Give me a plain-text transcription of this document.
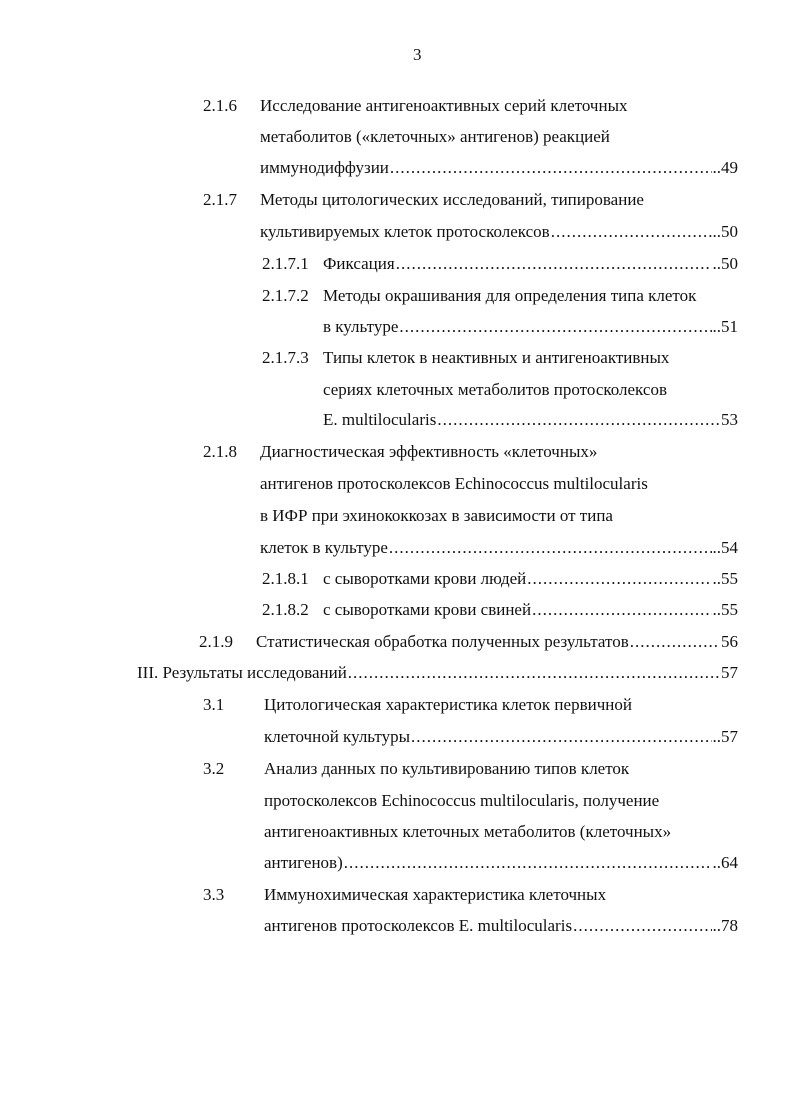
3
2.1.6 Исследование антигеноактивных серий клеточных
метаболитов («клеточных» антигенов) реакцией
иммунодиффузии .....	..49
2.1.7 Методы цитологических исследований, типирование
культивируемых клеток протосколексов .....	..50
2.1.7.1 Фиксация .....	..50
2.1.7.2 Методы окрашивания для определения типа клеток
в культуре .....	..51
2.1.7.3 Типы клеток в неактивных и антигеноактивных
сериях клеточных метаболитов протосколексов
E. multilocularis .....	53
2.1.8 Диагностическая эффективность «клеточных»
антигенов протосколексов Echinococcus multilocularis
в ИФР при эхинококкозах в зависимости от типа
клеток в культуре .....	..54
2.1.8.1 с сыворотками крови людей .....	..55
2.1.8.2 с сыворотками крови свиней .....	..55
2.1.9 Статистическая обработка полученных результатов .....	56
III. Результаты исследований .....	57
3.1 Цитологическая характеристика клеток первичной
клеточной культуры .....	..57
3.2 Анализ данных по культивированию типов клеток
протосколексов Echinococcus multilocularis, получение
антигеноактивных клеточных метаболитов (клеточных»
антигенов) .....	..64
3.3 Иммунохимическая характеристика клеточных
антигенов протосколексов E. multilocularis .....	..78
